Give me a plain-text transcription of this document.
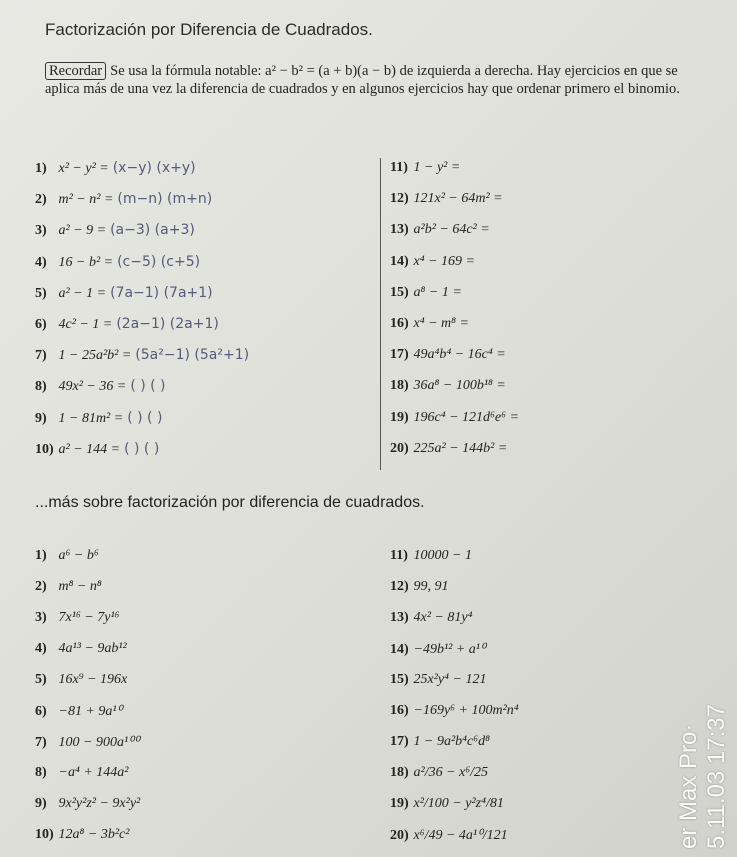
Factorización por Diferencia de Cuadrados.
Recordar Se usa la fórmula notable: a² − b² = (a + b)(a − b) de izquierda a derecha. Hay ejercicios en que se aplica más de una vez la diferencia de cuadrados y en algunos ejercicios hay que ordenar primero el binomio.
1) x² − y² = (x−y) (x+y)
2) m² − n² = (m−n) (m+n)
3) a² − 9 = (a−3) (a+3)
4) 16 − b² = (c−5) (c+5)
5) a² − 1 = (7a−1) (7a+1)
6) 4c² − 1 = (2a−1) (2a+1)
7) 1 − 25a²b² = (5a²−1) (5a²+1)
8) 49x² − 36 = ( ) ( )
9) 1 − 81m² = ( ) ( )
10) a² − 144 = ( ) ( )
11) 1 − y² =
12) 121x² − 64m² =
13) a²b² − 64c² =
14) x⁴ − 169 =
15) a⁸ − 1 =
16) x⁴ − m⁸ =
17) 49a⁴b⁴ − 16c⁴ =
18) 36a⁸ − 100b¹⁸ =
19) 196c⁴ − 121d⁶e⁶ =
20) 225a² − 144b² =
...más sobre factorización por diferencia de cuadrados.
1) a⁶ − b⁶
2) m⁸ − n⁸
3) 7x¹⁶ − 7y¹⁶
4) 4a¹³ − 9ab¹²
5) 16x⁹ − 196x
6) −81 + 9a¹⁰
7) 100 − 900a¹⁰⁰
8) −a⁴ + 144a²
9) 9x²y²z² − 9x²y²
10) 12a⁸ − 3b²c²
11) 10000 − 1
12) 99, 91
13) 4x² − 81y⁴
14) −49b¹² + a¹⁰
15) 25x²y⁴ − 121
16) −169y⁶ + 100m²n⁴
17) 1 − 9a²b⁴c⁶d⁸
18) a²/36 − x⁶/25
19) x²/100 − y²z⁴/81
20) x⁶/49 − 4a¹⁰/121	er Max Pro· 5.11.03 17:37
